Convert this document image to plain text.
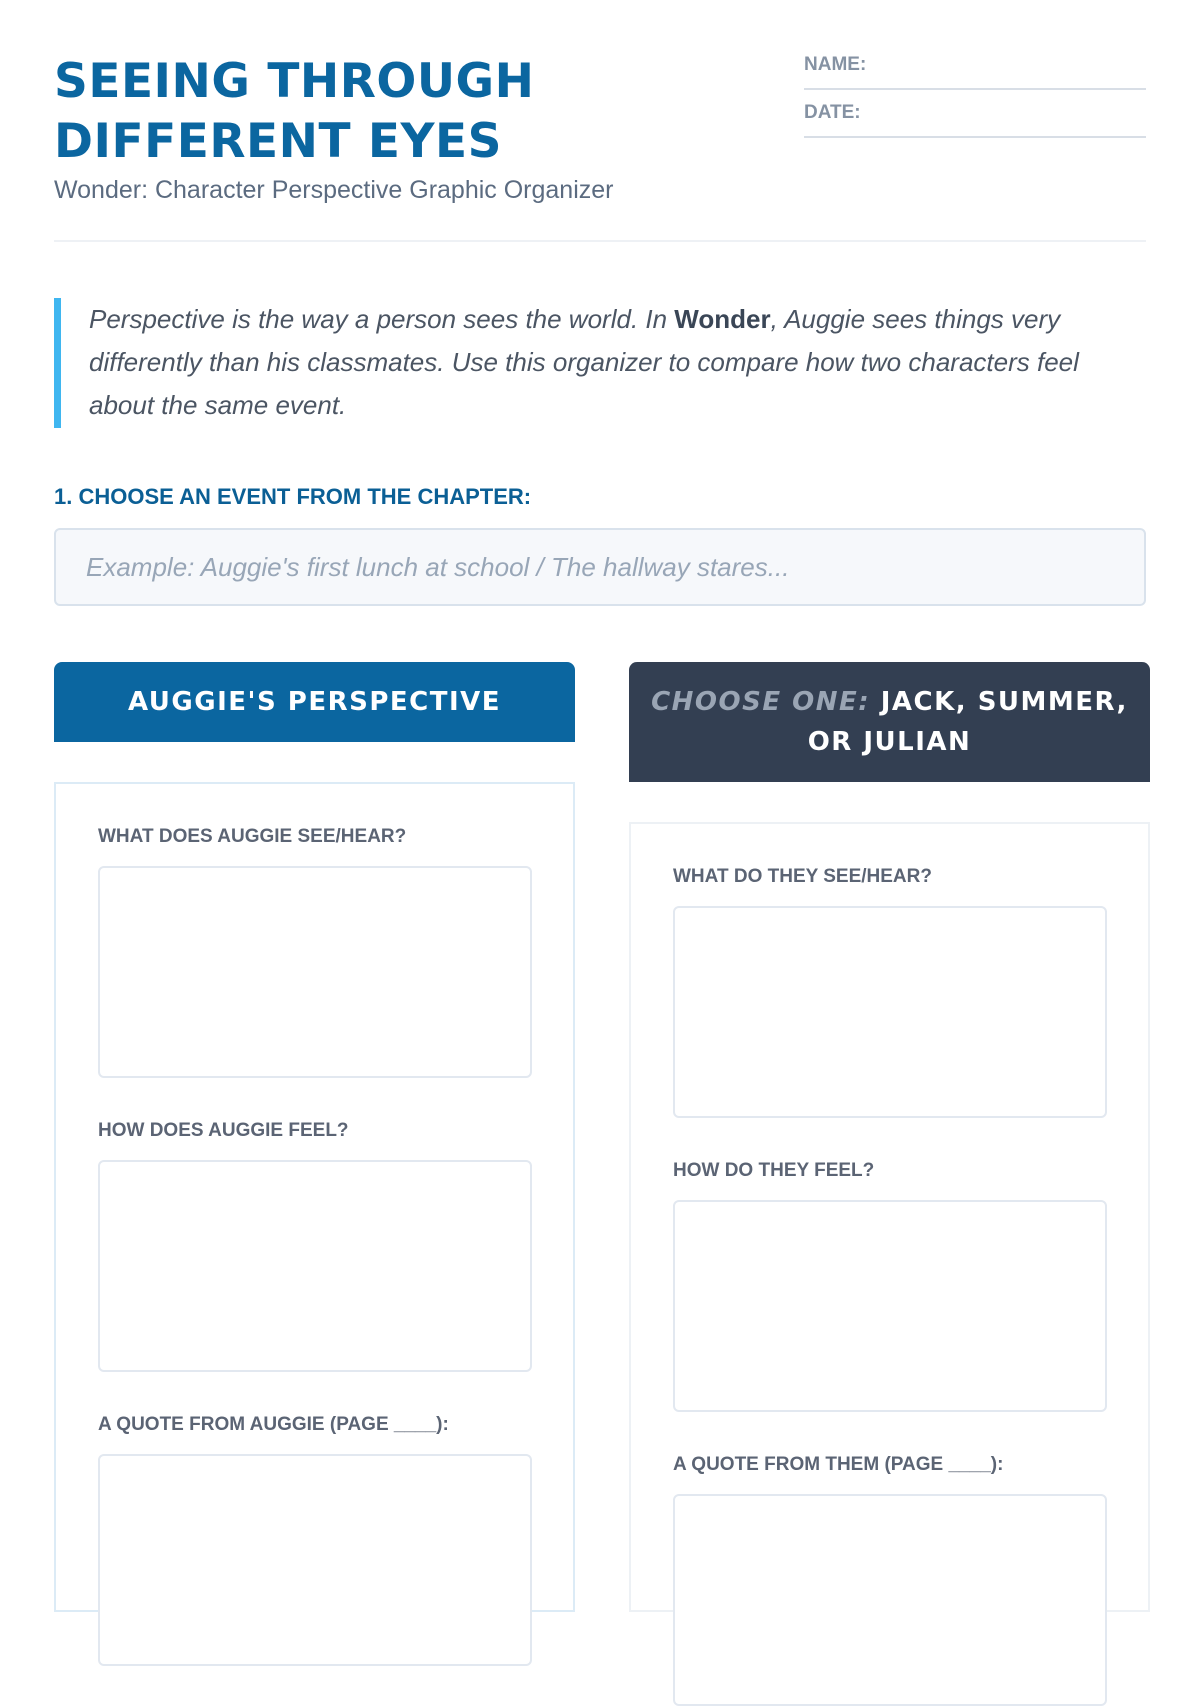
SEEING THROUGH
DIFFERENT EYES
Wonder: Character Perspective Graphic Organizer
NAME:
DATE:
Perspective is the way a person sees the world. In Wonder, Auggie sees things very differently than his classmates. Use this organizer to compare how two characters feel about the same event.
1. CHOOSE AN EVENT FROM THE CHAPTER:
Example: Auggie's first lunch at school / The hallway stares...
AUGGIE'S PERSPECTIVE
WHAT DOES AUGGIE SEE/HEAR?
HOW DOES AUGGIE FEEL?
A QUOTE FROM AUGGIE (PAGE ____):
CHOOSE ONE: JACK, SUMMER, OR JULIAN
WHAT DO THEY SEE/HEAR?
HOW DO THEY FEEL?
A QUOTE FROM THEM (PAGE ____):
